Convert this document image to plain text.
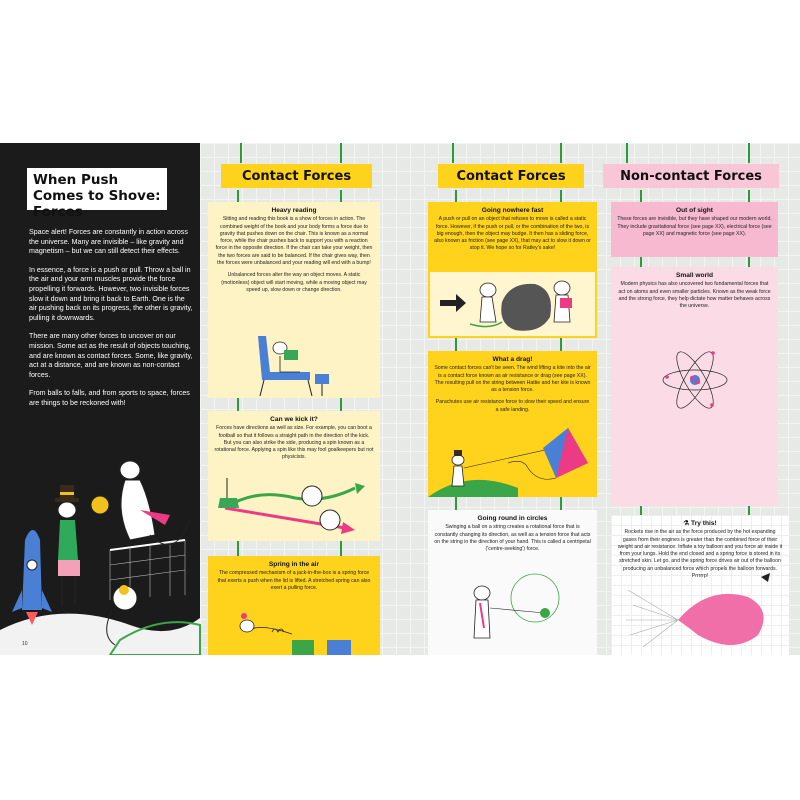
When Push Comes to Shove: Forces

Space alert! Forces are constantly in action across the universe. Many are invisible – like gravity and magnetism – but we can still detect their effects.

In essence, a force is a push or pull. Throw a ball in the air and your arm muscles provide the force propelling it forwards. However, two invisible forces slow it down and bring it back to Earth. One is the air pushing back on its progress, the other is gravity, pulling it downwards.

There are many other forces to uncover on our mission. Some act as the result of objects touching, and are known as contact forces. Some, like gravity, act at a distance, and are known as non-contact forces.

From balls to falls, and from sports to space, forces are things to be reckoned with!

10
Contact Forces	Contact Forces	Non-contact Forces
Heavy reading

Sitting and reading this book is a show of forces in action. The combined weight of the book and your body forms a force due to gravity that pushes down on the chair. This is known as a normal force, while the chair pushes back to support you with a reaction force in the opposite direction. If the chair can take your weight, then the two forces are said to be balanced. If the chair gives way, then the forces were unbalanced and your reading will end with a bump!

Unbalanced forces alter the way an object moves. A static (motionless) object will start moving, while a moving object may speed up, slow down or change direction.

Can we kick it?

Forces have directions as well as size. For example, you can boot a football so that it follows a straight path in the direction of the kick. But you can also strike the side, producing a spin known as a rotational force. Applying a spin like this may fool goalkeepers but not physicists.

Spring in the air

The compressed mechanism of a jack-in-the-box is a spring force that exerts a push when the lid is lifted. A stretched spring can also exert a pulling force.

Going nowhere fast

A push or pull on an object that refuses to move is called a static force. However, if the push or pull, or the combination of the two, is big enough, then the object may budge. It then has a sliding force, also known as friction (see page XX), that may act to slow it down or stop it. We hope so for Ratley's sake!

What a drag!

Some contact forces can't be seen. The wind lifting a kite into the air is a contact force known as air resistance or drag (see page XX). The resulting pull on the string between Hattie and her kite is known as a tension force.

Parachutes use air resistance force to slow their speed and ensure a safe landing.

Going round in circles

Swinging a ball on a string creates a rotational force that is constantly changing its direction, as well as a tension force that acts on the string in the direction of your hand. This is called a centripetal ('centre-seeking') force.

Out of sight

These forces are invisible, but they have shaped our modern world. They include gravitational force (see page XX), electrical force (see page XX) and magnetic force (see page XX).

Small world

Modern physics has also uncovered two fundamental forces that act on atoms and even smaller particles. Known as the weak force and the strong force, they help dictate how matter behaves across the universe.

⚗ Try this!

Rockets rise in the air as the force produced by the hot expanding gases from their engines is greater than the combined force of their weight and air resistance. Inflate a toy balloon and you force air inside it from your lungs. Hold the end closed and a spring force is stored in its stretched skin. Let go, and the spring force drives air out of the balloon producing an unbalanced force which propels the balloon forwards. Prrrrrp!
